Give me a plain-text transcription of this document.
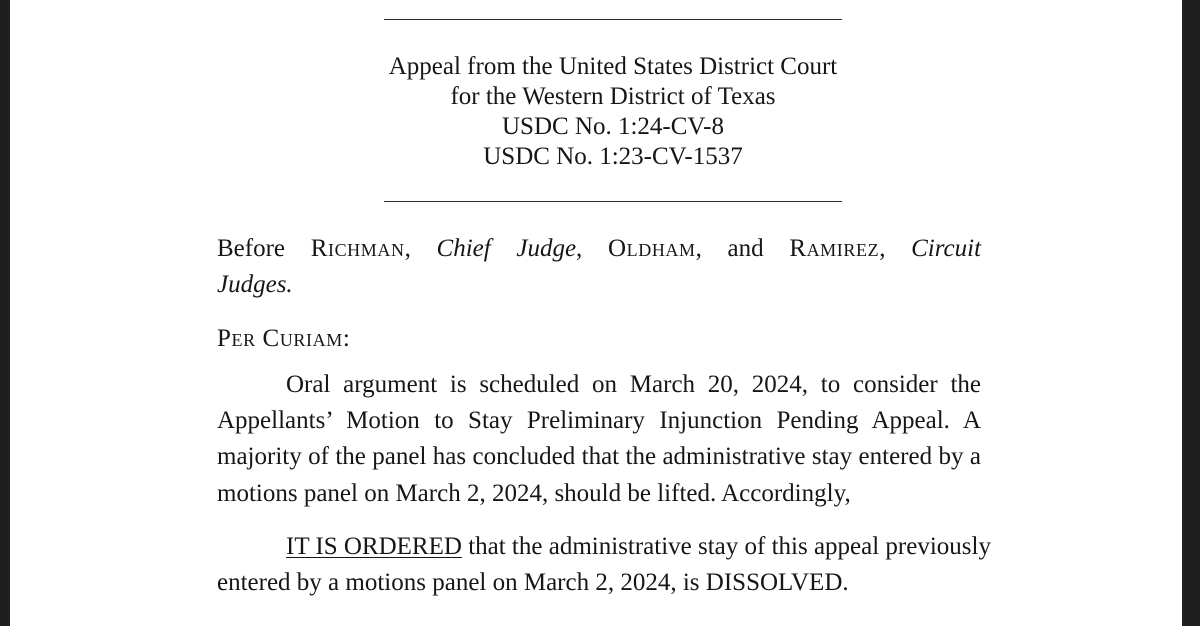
Appeal from the United States District Court
for the Western District of Texas
USDC No. 1:24-CV-8
USDC No. 1:23-CV-1537
Before Richman, Chief Judge, Oldham, and Ramirez, Circuit
Judges.
Per Curiam:
Oral argument is scheduled on March 20, 2024, to consider the
Appellants’ Motion to Stay Preliminary Injunction Pending Appeal. A
majority of the panel has concluded that the administrative stay entered by a
motions panel on March 2, 2024, should be lifted. Accordingly,
IT IS ORDERED that the administrative stay of this appeal previously
entered by a motions panel on March 2, 2024, is DISSOLVED.
